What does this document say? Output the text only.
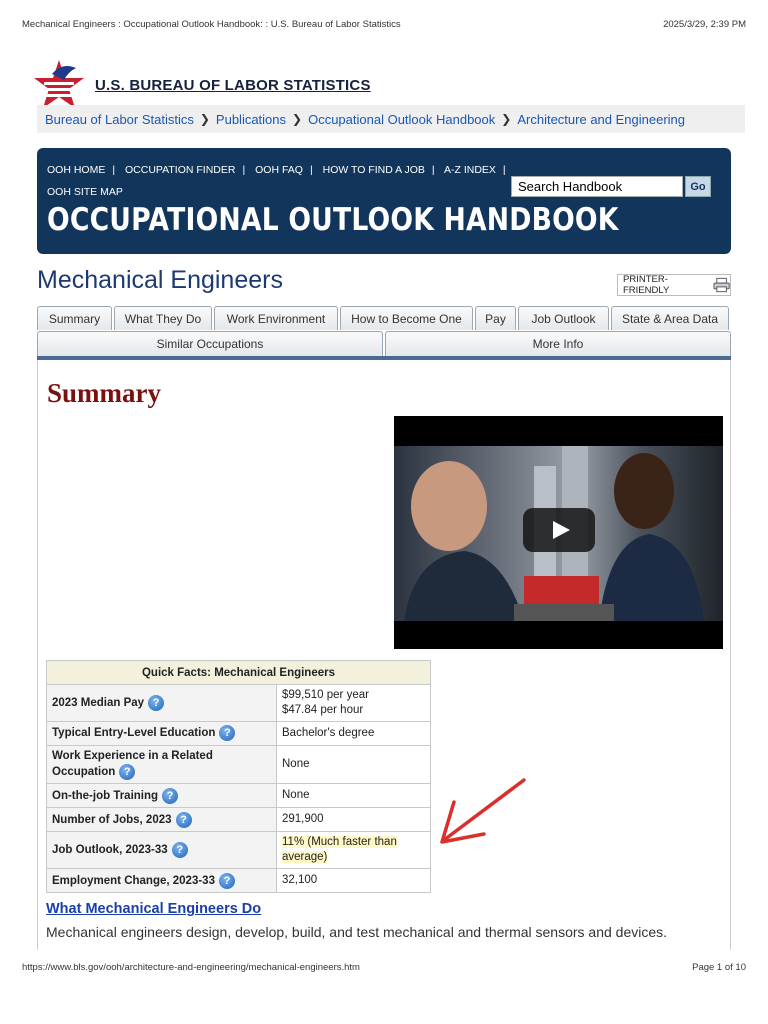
Mechanical Engineers : Occupational Outlook Handbook: : U.S. Bureau of Labor Statistics	2025/3/29, 2:39 PM
U.S. BUREAU OF LABOR STATISTICS
Bureau of Labor Statistics ❯ Publications ❯ Occupational Outlook Handbook ❯ Architecture and Engineering
OOH HOME | OCCUPATION FINDER | OOH FAQ | HOW TO FIND A JOB | A-Z INDEX | OOH SITE MAP
Search Handbook	Go
OCCUPATIONAL OUTLOOK HANDBOOK
Mechanical Engineers	PRINTER-FRIENDLY
Summary	What They Do	Work Environment	How to Become One	Pay	Job Outlook	State & Area Data
Similar Occupations	More Info
Summary
Quick Facts: Mechanical Engineers	
2023 Median Pay ?	$99,510 per year
$47.84 per hour

Typical Entry-Level Education ?	Bachelor's degree
Work Experience in a Related Occupation ?	None
On-the-job Training ?	None
Number of Jobs, 2023 ?	291,900
Job Outlook, 2023-33 ?	11% (Much faster than average)
Employment Change, 2023-33 ?	32,100
What Mechanical Engineers Do

Mechanical engineers design, develop, build, and test mechanical and thermal sensors and devices.

https://www.bls.gov/ooh/architecture-and-engineering/mechanical-engineers.htm	Page 1 of 10
